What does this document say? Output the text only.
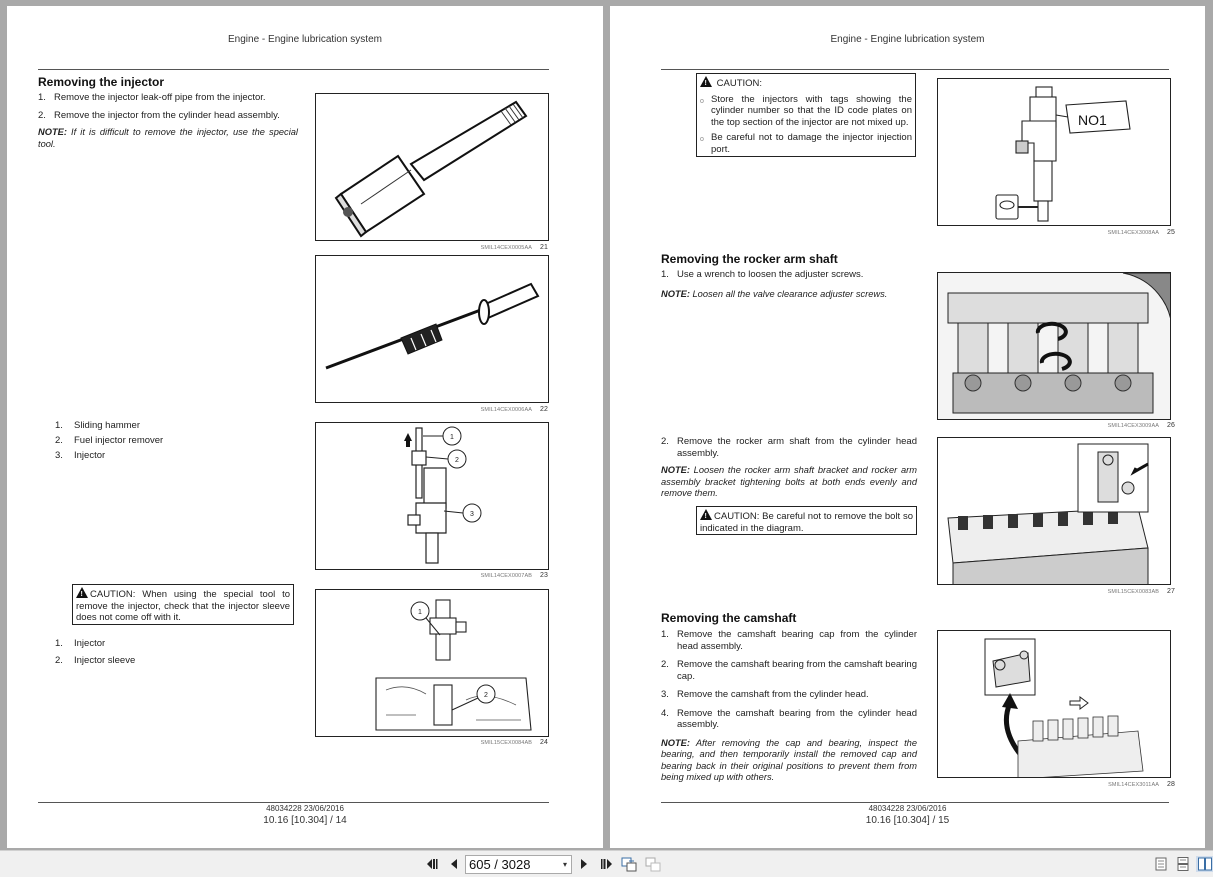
Engine - Engine lubrication system
Removing the injector
1. Remove the injector leak-off pipe from the injector.
2. Remove the injector from the cylinder head assembly.
NOTE: If it is difficult to remove the injector, use the special tool.
SMIL14CEX0005AA 21
SMIL14CEX0006AA 22
1.	Sliding hammer
2.	Fuel injector remover
3.	Injector
1
2
3
SMIL14CEX0007AB 23
!CAUTION: When using the special tool to remove the injector, check that the injector sleeve does not come off with it.
1.	Injector
2.	Injector sleeve
1
2
SMIL15CEX0084AB 24
48034228 23/06/2016
10.16 [10.304] / 14
Engine - Engine lubrication system
! CAUTION:
o Store the injectors with tags showing the cylinder number so that the ID code plates on the top section of the injector are not mixed up.
o Be careful not to damage the injector injection port.
NO1
SMIL14CEX3008AA 25
Removing the rocker arm shaft
1. Use a wrench to loosen the adjuster screws.
NOTE: Loosen all the valve clearance adjuster screws.
SMIL14CEX3009AA 26
2. Remove the rocker arm shaft from the cylinder head assembly.
NOTE: Loosen the rocker arm shaft bracket and rocker arm assembly bracket tightening bolts at both ends evenly and remove them.
!CAUTION: Be careful not to remove the bolt so indicated in the diagram.
SMIL15CEX0083AB 27
Removing the camshaft
1. Remove the camshaft bearing cap from the cylinder head assembly.
2. Remove the camshaft bearing from the camshaft bearing cap.
3. Remove the camshaft from the cylinder head.
4. Remove the camshaft bearing from the cylinder head assembly.
NOTE: After removing the cap and bearing, inspect the bearing, and then temporarily install the removed cap and bearing back in their original positions to prevent them from being mixed up with others.
SMIL14CEX3011AA 28
48034228 23/06/2016
10.16 [10.304] / 15
605 / 3028	▾
